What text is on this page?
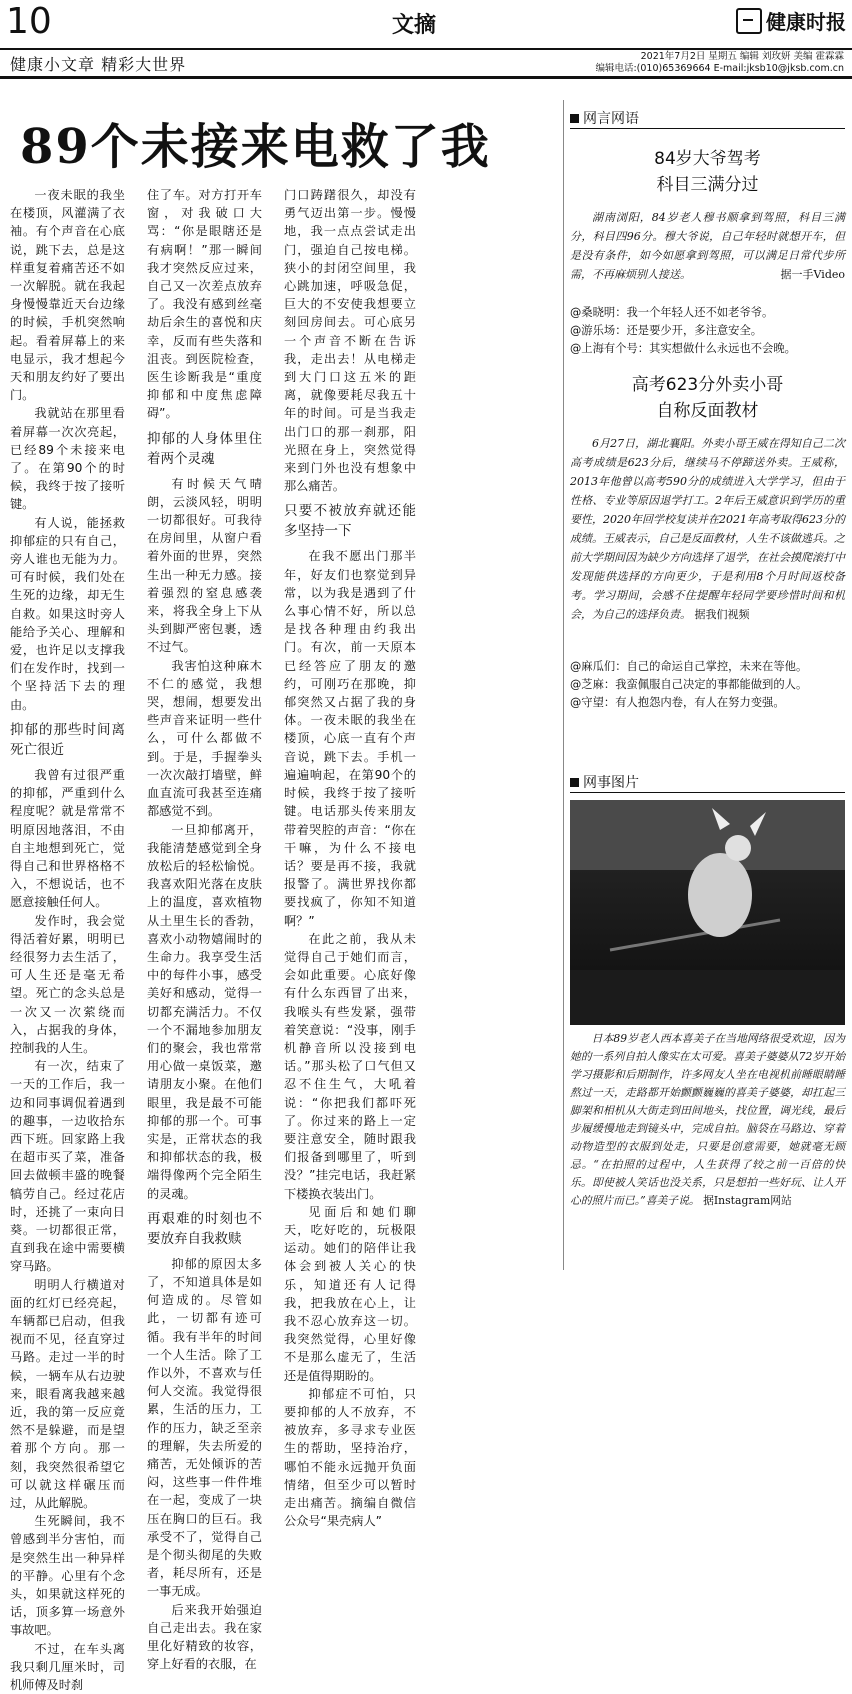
10	文摘	健康时报
健康小文章 精彩大世界	2021年7月2日 星期五 编辑 刘玫妍 美编 霍霖霖
编辑电话:(010)65369664 E-mail:jksb10@jksb.com.cn
89个未接来电救了我

一夜未眠的我坐在楼顶，风灌满了衣袖。有个声音在心底说，跳下去，总是这样重复着痛苦还不如一次解脱。就在我起身慢慢靠近天台边缘的时候，手机突然响起。看着屏幕上的来电显示，我才想起今天和朋友约好了要出门。

我就站在那里看着屏幕一次次亮起，已经89个未接来电了。在第90个的时候，我终于按了接听键。

有人说，能拯救抑郁症的只有自己，旁人谁也无能为力。可有时候，我们处在生死的边缘，却无生自救。如果这时旁人能给予关心、理解和爱，也许足以支撑我们在发作时，找到一个坚持活下去的理由。

抑郁的那些时间离死亡很近

我曾有过很严重的抑郁，严重到什么程度呢？就是常常不明原因地落泪，不由自主地想到死亡，觉得自己和世界格格不入，不想说话，也不愿意接触任何人。

发作时，我会觉得活着好累，明明已经很努力去生活了，可人生还是毫无希望。死亡的念头总是一次又一次萦绕而入，占据我的身体，控制我的人生。

有一次，结束了一天的工作后，我一边和同事调侃着遇到的趣事，一边收拾东西下班。回家路上我在超市买了菜，准备回去做顿丰盛的晚餐犒劳自己。经过花店时，还挑了一束向日葵。一切都很正常，直到我在途中需要横穿马路。

明明人行横道对面的红灯已经亮起，车辆都已启动，但我视而不见，径直穿过马路。走过一半的时候，一辆车从右边驶来，眼看离我越来越近，我的第一反应竟然不是躲避，而是望着那个方向。那一刻，我突然很希望它可以就这样碾压而过，从此解脱。

生死瞬间，我不曾感到半分害怕，而是突然生出一种异样的平静。心里有个念头，如果就这样死的话，顶多算一场意外事故吧。

不过，在车头离我只剩几厘米时，司机师傅及时刹

住了车。对方打开车窗，对我破口大骂：“你是眼瞎还是有病啊！”那一瞬间我才突然反应过来，自己又一次差点放弃了。我没有感到丝毫劫后余生的喜悦和庆幸，反而有些失落和沮丧。到医院检查，医生诊断我是“重度抑郁和中度焦虑障碍”。

抑郁的人身体里住着两个灵魂

有时候天气晴朗，云淡风轻，明明一切都很好。可我待在房间里，从窗户看着外面的世界，突然生出一种无力感。接着强烈的窒息感袭来，将我全身上下从头到脚严密包裹，透不过气。

我害怕这种麻木不仁的感觉，我想哭，想闹，想要发出些声音来证明一些什么，可什么都做不到。于是，手握拳头一次次敲打墙壁，鲜血直流可我甚至连痛都感觉不到。

一旦抑郁离开，我能清楚感觉到全身放松后的轻松愉悦。我喜欢阳光落在皮肤上的温度，喜欢植物从土里生长的香勃，喜欢小动物嬉闹时的生命力。我享受生活中的每件小事，感受美好和感动，觉得一切都充满活力。不仅一个不漏地参加朋友们的聚会，我也常常用心做一桌饭菜，邀请朋友小聚。在他们眼里，我是最不可能抑郁的那一个。可事实是，正常状态的我和抑郁状态的我，极端得像两个完全陌生的灵魂。

再艰难的时刻也不要放弃自我救赎

抑郁的原因太多了，不知道具体是如何造成的。尽管如此，一切都有迹可循。我有半年的时间一个人生活。除了工作以外，不喜欢与任何人交流。我觉得很累，生活的压力，工作的压力，缺乏至亲的理解，失去所爱的痛苦，无处倾诉的苦闷，这些事一件件堆在一起，变成了一块压在胸口的巨石。我承受不了，觉得自己是个彻头彻尾的失败者，耗尽所有，还是一事无成。

后来我开始强迫自己走出去。我在家里化好精致的妆容，穿上好看的衣服，在

门口踌躇很久，却没有勇气迈出第一步。慢慢地，我一点点尝试走出门，强迫自己按电梯。狭小的封闭空间里，我心跳加速，呼吸急促，巨大的不安使我想要立刻回房间去。可心底另一个声音不断在告诉我，走出去！从电梯走到大门口这五米的距离，就像要耗尽我五十年的时间。可是当我走出门口的那一刹那，阳光照在身上，突然觉得来到门外也没有想象中那么痛苦。

只要不被放弃就还能多坚持一下

在我不愿出门那半年，好友们也察觉到异常，以为我是遇到了什么事心情不好，所以总是找各种理由约我出门。有次，前一天原本已经答应了朋友的邀约，可刚巧在那晚，抑郁突然又占据了我的身体。一夜未眠的我坐在楼顶，心底一直有个声音说，跳下去。手机一遍遍响起，在第90个的时候，我终于按了接听键。电话那头传来朋友带着哭腔的声音：“你在干嘛，为什么不接电话？要是再不接，我就报警了。满世界找你都要找疯了，你知不知道啊？”

在此之前，我从未觉得自己于她们而言，会如此重要。心底好像有什么东西冒了出来，我喉头有些发紧，强带着笑意说：“没事，刚手机静音所以没接到电话。”那头松了口气但又忍不住生气，大吼着说：“你把我们都吓死了。你过来的路上一定要注意安全，随时跟我们报备到哪里了，听到没？”挂完电话，我赶紧下楼换衣装出门。

见面后和她们聊天，吃好吃的，玩极限运动。她们的陪伴让我体会到被人关心的快乐，知道还有人记得我，把我放在心上，让我不忍心放弃这一切。我突然觉得，心里好像不是那么虚无了，生活还是值得期盼的。

抑郁症不可怕，只要抑郁的人不放弃，不被放弃，多寻求专业医生的帮助，坚持治疗，哪怕不能永远抛开负面情绪，但至少可以暂时走出痛苦。摘编自微信公众号“果壳病人”

网言网语
84岁大爷驾考
科目三满分过

湖南浏阳，84岁老人穆书顺拿到驾照，科目三满分，科目四96分。穆大爷说，自己年轻时就想开车，但是没有条件，如今如愿拿到驾照，可以满足日常代步所需，不再麻烦别人接送。	据一手Video

@桑晓明：我一个年轻人还不如老爷爷。

@游乐场：还是要少开，多注意安全。

@上海有个号：其实想做什么永远也不会晚。

高考623分外卖小哥
自称反面教材

6月27日，湖北襄阳。外卖小哥王威在得知自己二次高考成绩是623分后，继续马不停蹄送外卖。王威称，2013年他曾以高考590分的成绩进入大学学习，但由于性格、专业等原因退学打工。2年后王威意识到学历的重要性，2020年回学校复读并在2021年高考取得623分的成绩。王威表示，自己是反面教材，人生不该做逃兵。之前大学期间因为缺少方向选择了退学，在社会摸爬滚打中发现能供选择的方向更少，于是利用8个月时间返校备考。学习期间，会感不住提醒年轻同学要珍惜时间和机会，为自己的选择负责。 据我们视频

@麻瓜们：自己的命运自己掌控，未来在等他。

@芝麻：我蛮佩服自己决定的事都能做到的人。

@守望：有人抱怨内卷，有人在努力变强。

网事图片

日本89岁老人西本喜美子在当地网络很受欢迎，因为她的一系列自拍人像实在太可爱。喜美子婆婆从72岁开始学习摄影和后期制作，许多网友人坐在电视机前睡眼睛睡熬过一天，走路都开始颤颤巍巍的喜美子婆婆，却扛起三脚架和相机从大街走到田间地头，找位置，调光线，最后步履缓慢地走到镜头中，完成自拍。脑袋在马路边、穿着动物造型的衣服到处走，只要是创意需要，她就毫无顾忌。“在拍照的过程中，人生获得了较之前一百倍的快乐。即使被人笑话也没关系，只是想拍一些好玩、让人开心的照片而已。”喜美子说。 据Instagram网站
